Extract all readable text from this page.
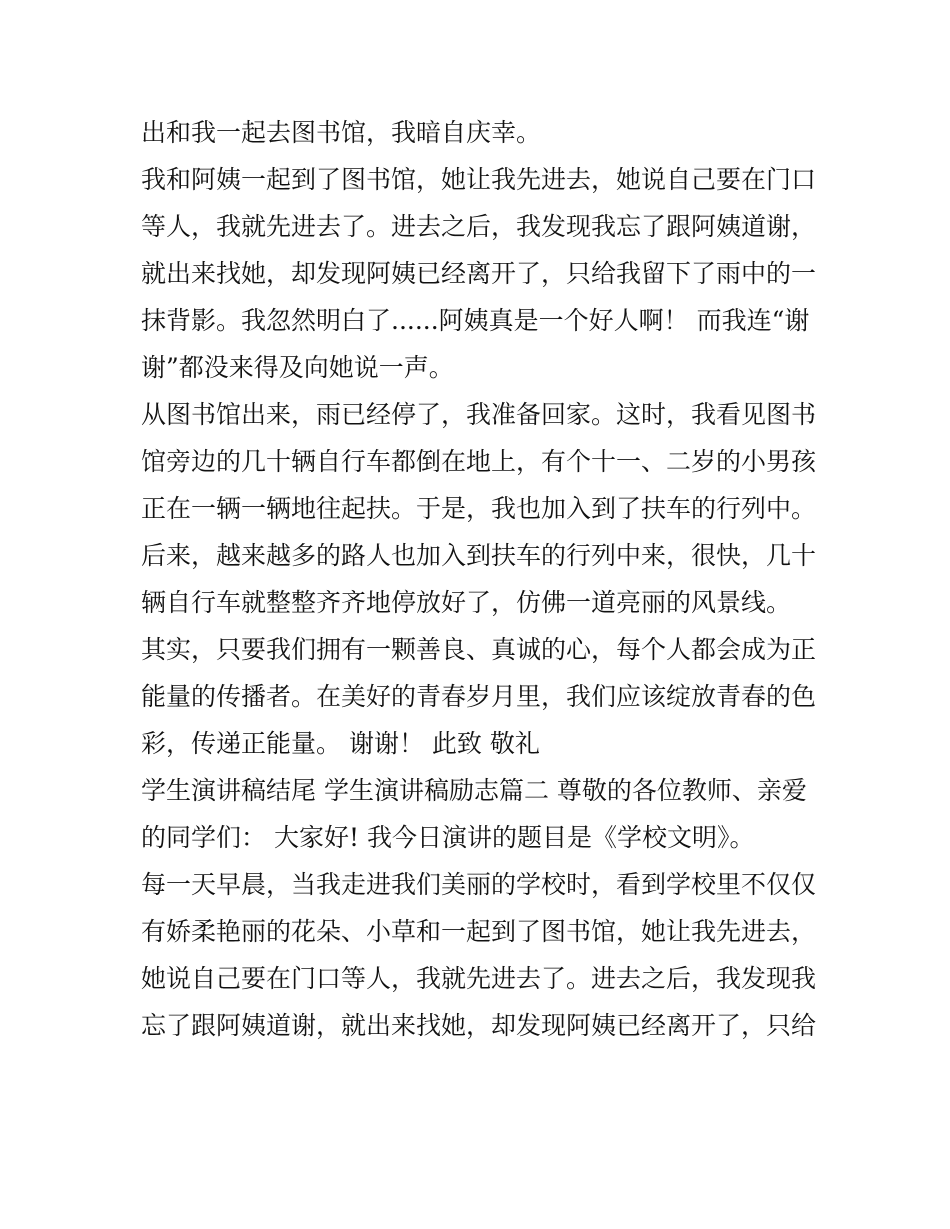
出和我一起去图书馆，我暗自庆幸。
我和阿姨一起到了图书馆，她让我先进去，她说自己要在门口
等人，我就先进去了。进去之后，我发现我忘了跟阿姨道谢，
就出来找她，却发现阿姨已经离开了，只给我留下了雨中的一
抹背影。我忽然明白了......阿姨真是一个好人啊！ 而我连“谢
谢”都没来得及向她说一声。
从图书馆出来，雨已经停了，我准备回家。这时，我看见图书
馆旁边的几十辆自行车都倒在地上，有个十一、二岁的小男孩
正在一辆一辆地往起扶。于是，我也加入到了扶车的行列中。
后来，越来越多的路人也加入到扶车的行列中来，很快，几十
辆自行车就整整齐齐地停放好了，仿佛一道亮丽的风景线。
其实，只要我们拥有一颗善良、真诚的心，每个人都会成为正
能量的传播者。在美好的青春岁月里，我们应该绽放青春的色
彩，传递正能量。 谢谢！ 此致 敬礼
学生演讲稿结尾 学生演讲稿励志篇二 尊敬的各位教师、亲爱
的同学们： 大家好! 我今日演讲的题目是《学校文明》。
每一天早晨，当我走进我们美丽的学校时，看到学校里不仅仅
有娇柔艳丽的花朵、小草和一起到了图书馆，她让我先进去，
她说自己要在门口等人，我就先进去了。进去之后，我发现我
忘了跟阿姨道谢，就出来找她，却发现阿姨已经离开了，只给
